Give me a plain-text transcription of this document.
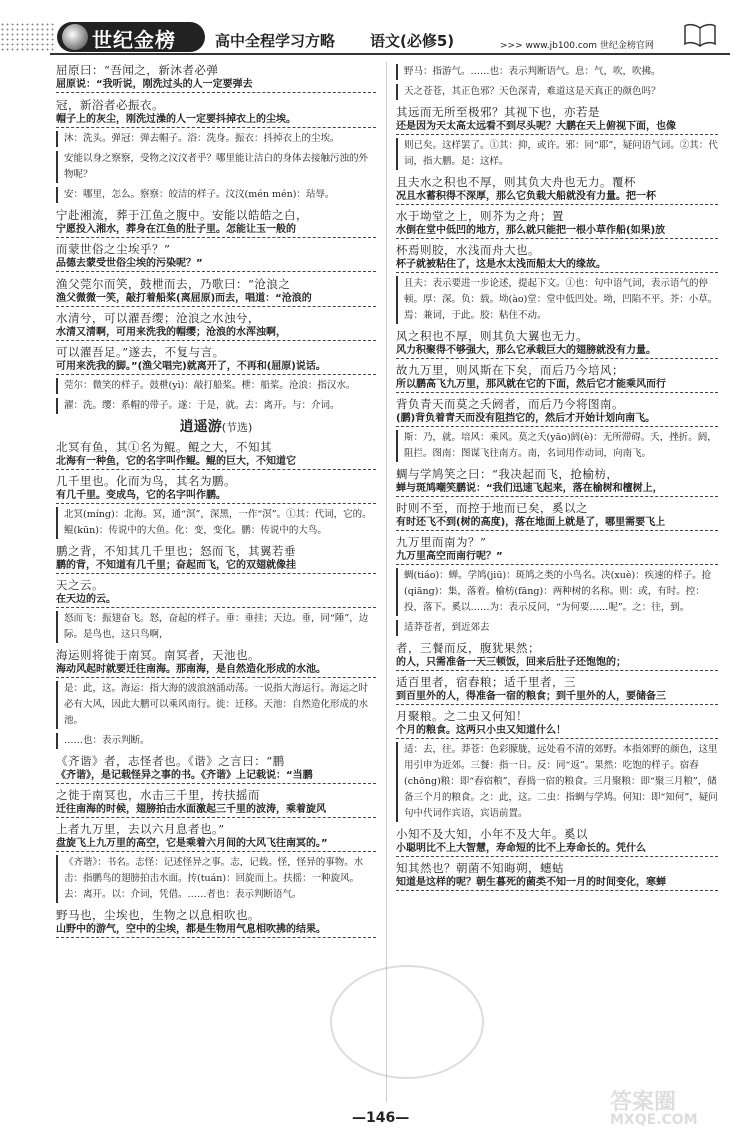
世纪金榜	高中全程学习方略 语文(必修5)	>>> www.jb100.com 世纪金榜官网

屈原曰：“吾闻之，新沐者必弹

屈原说：“我听说，刚洗过头的人一定要弹去

冠，新浴者必振衣。

帽子上的灰尘，刚洗过澡的人一定要抖掉衣上的尘埃。

沐：洗头。弹冠：弹去帽子。浴：洗身。振衣：抖掉衣上的尘埃。

安能以身之察察，受物之汶汶者乎？哪里能让洁白的身体去接触污浊的外物呢？

安：哪里，怎么。察察：皎洁的样子。汶汶(mén mén)：玷辱。

宁赴湘流，葬于江鱼之腹中。安能以皓皓之白，

宁愿投入湘水，葬身在江鱼的肚子里。怎能让玉一般的

而蒙世俗之尘埃乎？”

品德去蒙受世俗尘埃的污染呢？”

渔父莞尔而笑，鼓枻而去，乃歌曰：“沧浪之

渔父微微一笑，敲打着船桨(离屈原)而去，唱道：“沧浪的

水清兮，可以濯吾缨；沧浪之水浊兮，

水清又清啊，可用来洗我的帽缨；沧浪的水浑浊啊，

可以濯吾足。”遂去，不复与言。

可用来洗我的脚。”(渔父唱完)就离开了，不再和(屈原)说话。

莞尔：微笑的样子。鼓枻(yì)：敲打船桨。枻：船桨。沧浪：指汉水。

濯：洗。缨：系帽的带子。遂：于是，就。去：离开。与：介词。

逍遥游(节选)

北冥有鱼，其①名为鲲。鲲之大，不知其

北海有一种鱼，它的名字叫作鲲。鲲的巨大，不知道它

几千里也。化而为鸟，其名为鹏。

有几千里。变成鸟，它的名字叫作鹏。

北冥(míng)：北海。冥，通“溟”，深黑，一作“溟”。①其：代词，它的。鲲(kūn)：传说中的大鱼。化：变，变化。鹏：传说中的大鸟。

鹏之背，不知其几千里也；怒而飞，其翼若垂

鹏的背，不知道有几千里；奋起而飞，它的双翅就像挂

天之云。

在天边的云。

怒而飞：振翅奋飞。怒，奋起的样子。垂：垂挂；天边。垂，同“陲”，边际。是鸟也，这只鸟啊，

海运则将徙于南冥。南冥者，天池也。

海动风起时就要迁往南海。那南海，是自然造化形成的水池。

是：此，这。海运：指大海的波浪汹涌动荡。一说指大海运行。海运之时必有大风，因此大鹏可以乘风南行。徙：迁移。天池：自然造化形成的水池。

……也：表示判断。

《齐谐》者，志怪者也。《谐》之言曰：“鹏

《齐谐》，是记载怪异之事的书。《齐谐》上记载说：“当鹏

之徙于南冥也，水击三千里，抟扶摇而

迁往南海的时候，翅膀拍击水面激起三千里的波涛，乘着旋风

上者九万里，去以六月息者也。”

盘旋飞上九万里的高空，它是乘着六月间的大风飞往南冥的。”

《齐谐》：书名。志怪：记述怪异之事。志，记载。怪，怪异的事物。水击：指鹏鸟的翅膀拍击水面。抟(tuán)：回旋而上。扶摇：一种旋风。去：离开。以：介词，凭借。……者也：表示判断语气。

野马也，尘埃也，生物之以息相吹也。

山野中的游气，空中的尘埃，都是生物用气息相吹拂的结果。

野马：指游气。……也：表示判断语气。息：气，吹，吹拂。

天之苍苍，其正色邪？天色深青，难道这是天真正的颜色吗？

其远而无所至极邪？其视下也，亦若是

还是因为天太高太远看不到尽头呢？大鹏在天上俯视下面，也像

则已矣。这样罢了。①其：抑，或许。邪：同“耶”，疑问语气词。②其：代词，指大鹏。是：这样。

且夫水之积也不厚，则其负大舟也无力。覆杯

况且水蓄积得不深厚，那么它负载大船就没有力量。把一杯

水于坳堂之上，则芥为之舟；置

水倒在堂中低凹的地方，那么就只能把一根小草作船(如果)放

杯焉则胶，水浅而舟大也。

杯子就被粘住了，这是水太浅而船太大的缘故。

且夫：表示要进一步论述，提起下文。①也：句中语气词，表示语气的停顿。厚：深。负：载。坳(ào)堂：堂中低凹处。坳，凹陷不平。芥：小草。焉：兼词，于此。胶：粘住不动。

风之积也不厚，则其负大翼也无力。

风力积聚得不够强大，那么它承载巨大的翅膀就没有力量。

故九万里，则风斯在下矣，而后乃今培风；

所以鹏高飞九万里，那风就在它的下面，然后它才能乘风而行

背负青天而莫之夭阏者，而后乃今将图南。

(鹏)背负着青天而没有阻挡它的，然后才开始计划向南飞。

斯：乃，就。培风：乘风。莫之夭(yāo)阏(è)：无所滞碍。夭，挫折。阏，阻拦。图南：图谋飞往南方。南，名词用作动词，向南飞。

蜩与学鸠笑之曰：“我决起而飞，抢榆枋，

蝉与斑鸠嘲笑鹏说：“我们迅速飞起来，落在榆树和檀树上，

时则不至，而控于地而已矣，奚以之

有时还飞不到(树的高度)，落在地面上就是了，哪里需要飞上

九万里而南为？”

九万里高空而南行呢？”

蜩(tiáo)：蝉。学鸠(jiū)：斑鸠之类的小鸟名。决(xuè)：疾速的样子。抢(qiāng)：集，落着。榆枋(fāng)：两种树的名称。则：或，有时。控：投，落下。奚以……为：表示反问，“为何要……呢”。之：往，到。

适莽苍者，到近郊去

者，三餐而反，腹犹果然；

的人，只需准备一天三顿饭，回来后肚子还饱饱的；

适百里者，宿舂粮；适千里者，三

到百里外的人，得准备一宿的粮食；到千里外的人，要储备三

月聚粮。之二虫又何知！

个月的粮食。这两只小虫又知道什么！

适：去，往。莽苍：色彩朦胧，远处看不清的郊野。本指郊野的颜色，这里用引申为近郊。三餐：指一日。反：同“返”。果然：吃饱的样子。宿舂(chōng)粮：即“舂宿粮”，舂捣一宿的粮食。三月聚粮：即“聚三月粮”，储备三个月的粮食。之：此，这。二虫：指蜩与学鸠。何知：即“知何”，疑问句中代词作宾语，宾语前置。

小知不及大知，小年不及大年。奚以

小聪明比不上大智慧，寿命短的比不上寿命长的。凭什么

知其然也？朝菌不知晦朔，蟪蛄

知道是这样的呢？朝生暮死的菌类不知一月的时间变化，寒蝉

—146—
答案圈
MXQE.COM
